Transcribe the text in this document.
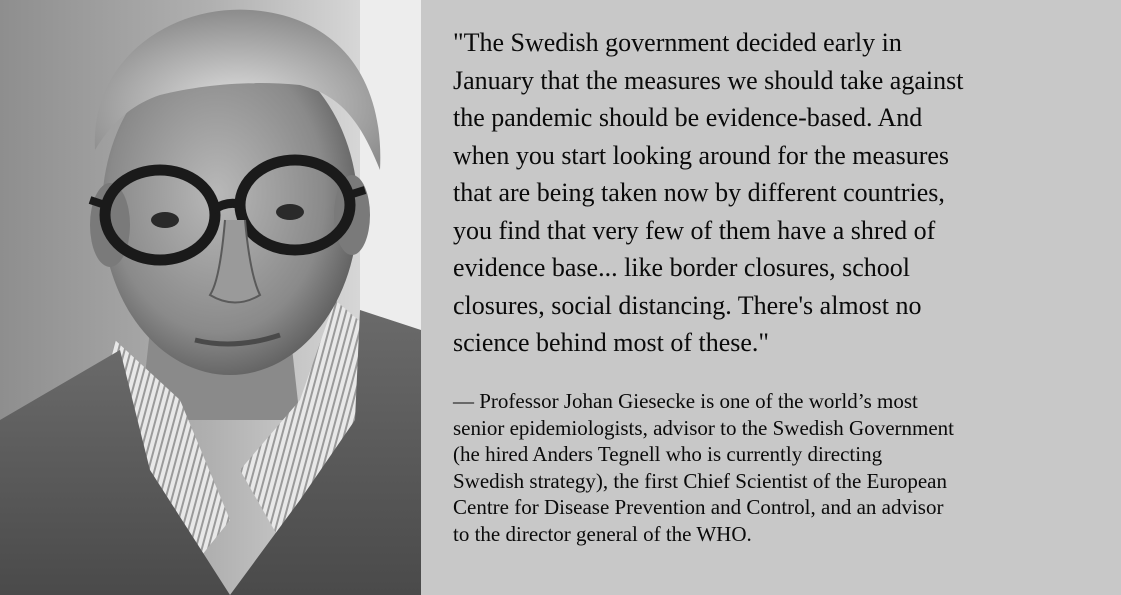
"The Swedish government decided early in
January that the measures we should take against
the pandemic should be evidence-based. And
when you start looking around for the measures
that are being taken now by different countries,
you find that very few of them have a shred of
evidence base... like border closures, school
closures, social distancing. There's almost no
science behind most of these."

— Professor Johan Giesecke is one of the world’s most
senior epidemiologists, advisor to the Swedish Government
(he hired Anders Tegnell who is currently directing
Swedish strategy), the first Chief Scientist of the European
Centre for Disease Prevention and Control, and an advisor
to the director general of the WHO.
